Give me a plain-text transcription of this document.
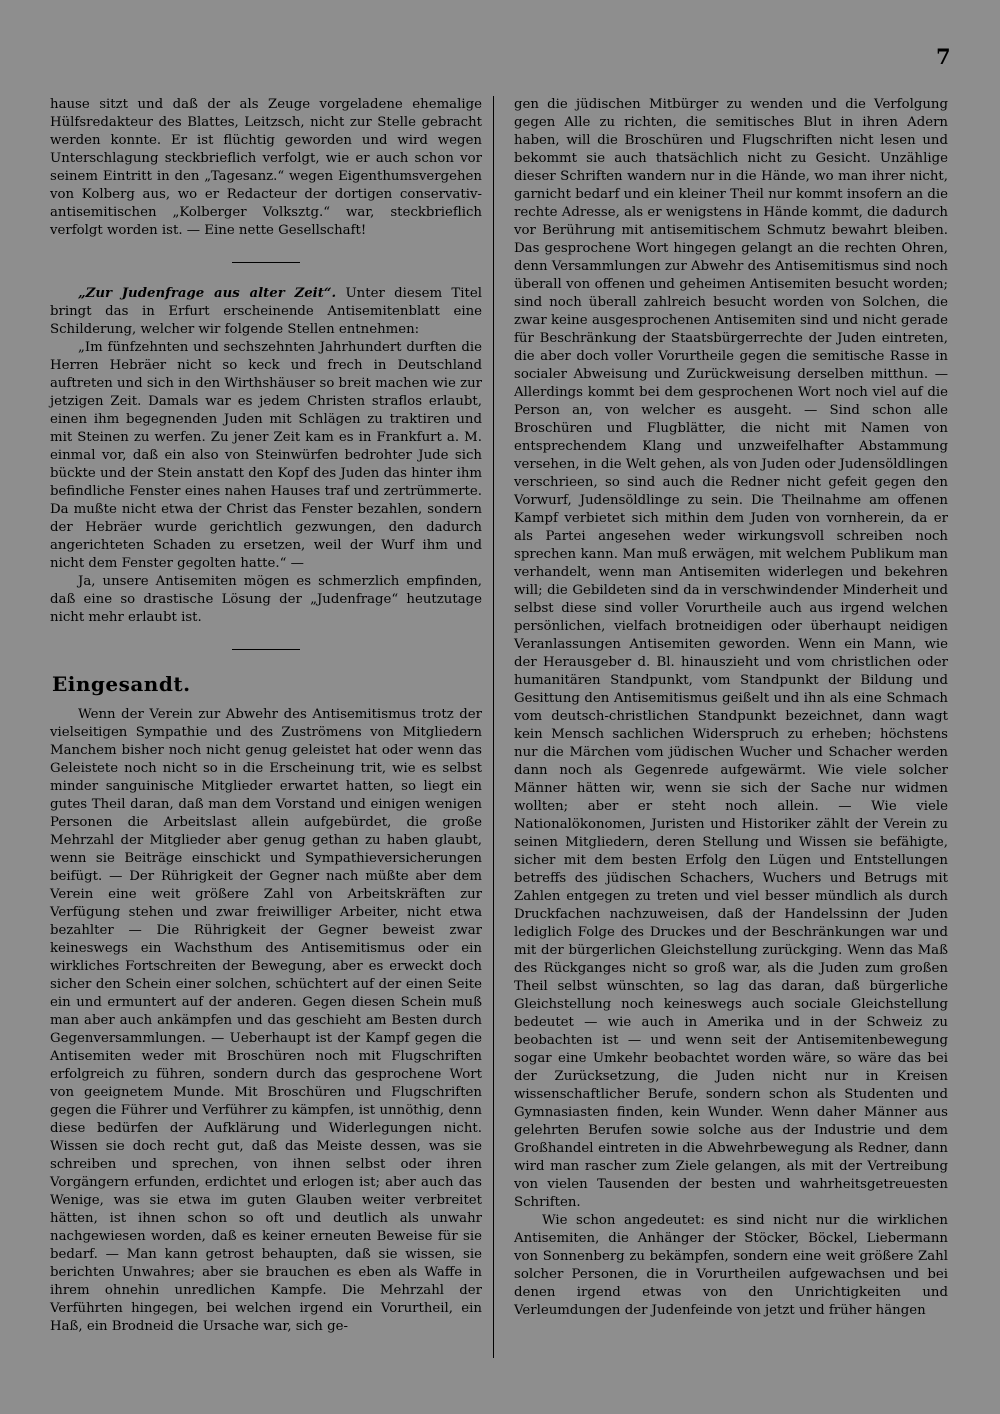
7

hause sitzt und daß der als Zeuge vorgeladene ehemalige Hülfsredakteur des Blattes, Leitzsch, nicht zur Stelle gebracht werden konnte. Er ist flüchtig geworden und wird wegen Unterschlagung steckbrieflich verfolgt, wie er auch schon vor seinem Eintritt in den „Tagesanz.“ wegen Eigenthumsvergehen von Kolberg aus, wo er Redacteur der dortigen conservativ-antisemitischen „Kolberger Volksztg.“ war, steckbrieflich verfolgt worden ist. — Eine nette Gesellschaft!

„Zur Judenfrage aus alter Zeit“. Unter diesem Titel bringt das in Erfurt erscheinende Antisemitenblatt eine Schilderung, welcher wir folgende Stellen entnehmen:

„Im fünfzehnten und sechszehnten Jahrhundert durften die Herren Hebräer nicht so keck und frech in Deutschland auftreten und sich in den Wirthshäuser so breit machen wie zur jetzigen Zeit. Damals war es jedem Christen straflos erlaubt, einen ihm begegnenden Juden mit Schlägen zu traktiren und mit Steinen zu werfen. Zu jener Zeit kam es in Frankfurt a. M. einmal vor, daß ein also von Steinwürfen bedrohter Jude sich bückte und der Stein anstatt den Kopf des Juden das hinter ihm befindliche Fenster eines nahen Hauses traf und zertrümmerte. Da mußte nicht etwa der Christ das Fenster bezahlen, sondern der Hebräer wurde gerichtlich gezwungen, den dadurch angerichteten Schaden zu ersetzen, weil der Wurf ihm und nicht dem Fenster gegolten hatte.“ —

Ja, unsere Antisemiten mögen es schmerzlich empfinden, daß eine so drastische Lösung der „Judenfrage“ heutzutage nicht mehr erlaubt ist.

Eingesandt.

Wenn der Verein zur Abwehr des Antisemitismus trotz der vielseitigen Sympathie und des Zuströmens von Mitgliedern Manchem bisher noch nicht genug geleistet hat oder wenn das Geleistete noch nicht so in die Erscheinung trit, wie es selbst minder sanguinische Mitglieder erwartet hatten, so liegt ein gutes Theil daran, daß man dem Vorstand und einigen wenigen Personen die Arbeitslast allein aufgebürdet, die große Mehrzahl der Mitglieder aber genug gethan zu haben glaubt, wenn sie Beiträge einschickt und Sympathieversicherungen beifügt. — Der Rührigkeit der Gegner nach müßte aber dem Verein eine weit größere Zahl von Arbeitskräften zur Verfügung stehen und zwar freiwilliger Arbeiter, nicht etwa bezahlter — Die Rührigkeit der Gegner beweist zwar keineswegs ein Wachsthum des Antisemitismus oder ein wirkliches Fortschreiten der Bewegung, aber es erweckt doch sicher den Schein einer solchen, schüchtert auf der einen Seite ein und ermuntert auf der anderen. Gegen diesen Schein muß man aber auch ankämpfen und das geschieht am Besten durch Gegenversammlungen. — Ueberhaupt ist der Kampf gegen die Antisemiten weder mit Broschüren noch mit Flugschriften erfolgreich zu führen, sondern durch das gesprochene Wort von geeignetem Munde. Mit Broschüren und Flugschriften gegen die Führer und Verführer zu kämpfen, ist unnöthig, denn diese bedürfen der Aufklärung und Widerlegungen nicht. Wissen sie doch recht gut, daß das Meiste dessen, was sie schreiben und sprechen, von ihnen selbst oder ihren Vorgängern erfunden, erdichtet und erlogen ist; aber auch das Wenige, was sie etwa im guten Glauben weiter verbreitet hätten, ist ihnen schon so oft und deutlich als unwahr nachgewiesen worden, daß es keiner erneuten Beweise für sie bedarf. — Man kann getrost behaupten, daß sie wissen, sie berichten Unwahres; aber sie brauchen es eben als Waffe in ihrem ohnehin unredlichen Kampfe. Die Mehrzahl der Verführten hingegen, bei welchen irgend ein Vorurtheil, ein Haß, ein Brodneid die Ursache war, sich ge-

gen die jüdischen Mitbürger zu wenden und die Verfolgung gegen Alle zu richten, die semitisches Blut in ihren Adern haben, will die Broschüren und Flugschriften nicht lesen und bekommt sie auch thatsächlich nicht zu Gesicht. Unzählige dieser Schriften wandern nur in die Hände, wo man ihrer nicht, garnicht bedarf und ein kleiner Theil nur kommt insofern an die rechte Adresse, als er wenigstens in Hände kommt, die dadurch vor Berührung mit antisemitischem Schmutz bewahrt bleiben. Das gesprochene Wort hingegen gelangt an die rechten Ohren, denn Versammlungen zur Abwehr des Antisemitismus sind noch überall von offenen und geheimen Antisemiten besucht worden; sind noch überall zahlreich besucht worden von Solchen, die zwar keine ausgesprochenen Antisemiten sind und nicht gerade für Beschränkung der Staatsbürgerrechte der Juden eintreten, die aber doch voller Vorurtheile gegen die semitische Rasse in socialer Abweisung und Zurückweisung derselben mitthun. — Allerdings kommt bei dem gesprochenen Wort noch viel auf die Person an, von welcher es ausgeht. — Sind schon alle Broschüren und Flugblätter, die nicht mit Namen von entsprechendem Klang und unzweifelhafter Abstammung versehen, in die Welt gehen, als von Juden oder Judensöldlingen verschrieen, so sind auch die Redner nicht gefeit gegen den Vorwurf, Judensöldlinge zu sein. Die Theilnahme am offenen Kampf verbietet sich mithin dem Juden von vornherein, da er als Partei angesehen weder wirkungsvoll schreiben noch sprechen kann. Man muß erwägen, mit welchem Publikum man verhandelt, wenn man Antisemiten widerlegen und bekehren will; die Gebildeten sind da in verschwindender Minderheit und selbst diese sind voller Vorurtheile auch aus irgend welchen persönlichen, vielfach brotneidigen oder überhaupt neidigen Veranlassungen Antisemiten geworden. Wenn ein Mann, wie der Herausgeber d. Bl. hinauszieht und vom christlichen oder humanitären Standpunkt, vom Standpunkt der Bildung und Gesittung den Antisemitismus geißelt und ihn als eine Schmach vom deutsch-christlichen Standpunkt bezeichnet, dann wagt kein Mensch sachlichen Widerspruch zu erheben; höchstens nur die Märchen vom jüdischen Wucher und Schacher werden dann noch als Gegenrede aufgewärmt. Wie viele solcher Männer hätten wir, wenn sie sich der Sache nur widmen wollten; aber er steht noch allein. — Wie viele Nationalökonomen, Juristen und Historiker zählt der Verein zu seinen Mitgliedern, deren Stellung und Wissen sie befähigte, sicher mit dem besten Erfolg den Lügen und Entstellungen betreffs des jüdischen Schachers, Wuchers und Betrugs mit Zahlen entgegen zu treten und viel besser mündlich als durch Druckfachen nachzuweisen, daß der Handelssinn der Juden lediglich Folge des Druckes und der Beschränkungen war und mit der bürgerlichen Gleichstellung zurückging. Wenn das Maß des Rückganges nicht so groß war, als die Juden zum großen Theil selbst wünschten, so lag das daran, daß bürgerliche Gleichstellung noch keineswegs auch sociale Gleichstellung bedeutet — wie auch in Amerika und in der Schweiz zu beobachten ist — und wenn seit der Antisemitenbewegung sogar eine Umkehr beobachtet worden wäre, so wäre das bei der Zurücksetzung, die Juden nicht nur in Kreisen wissenschaftlicher Berufe, sondern schon als Studenten und Gymnasiasten finden, kein Wunder. Wenn daher Männer aus gelehrten Berufen sowie solche aus der Industrie und dem Großhandel eintreten in die Abwehrbewegung als Redner, dann wird man rascher zum Ziele gelangen, als mit der Vertreibung von vielen Tausenden der besten und wahrheitsgetreuesten Schriften.

Wie schon angedeutet: es sind nicht nur die wirklichen Antisemiten, die Anhänger der Stöcker, Böckel, Liebermann von Sonnenberg zu bekämpfen, sondern eine weit größere Zahl solcher Personen, die in Vorurtheilen aufgewachsen und bei denen irgend etwas von den Unrichtigkeiten und Verleumdungen der Judenfeinde von jetzt und früher hängen
